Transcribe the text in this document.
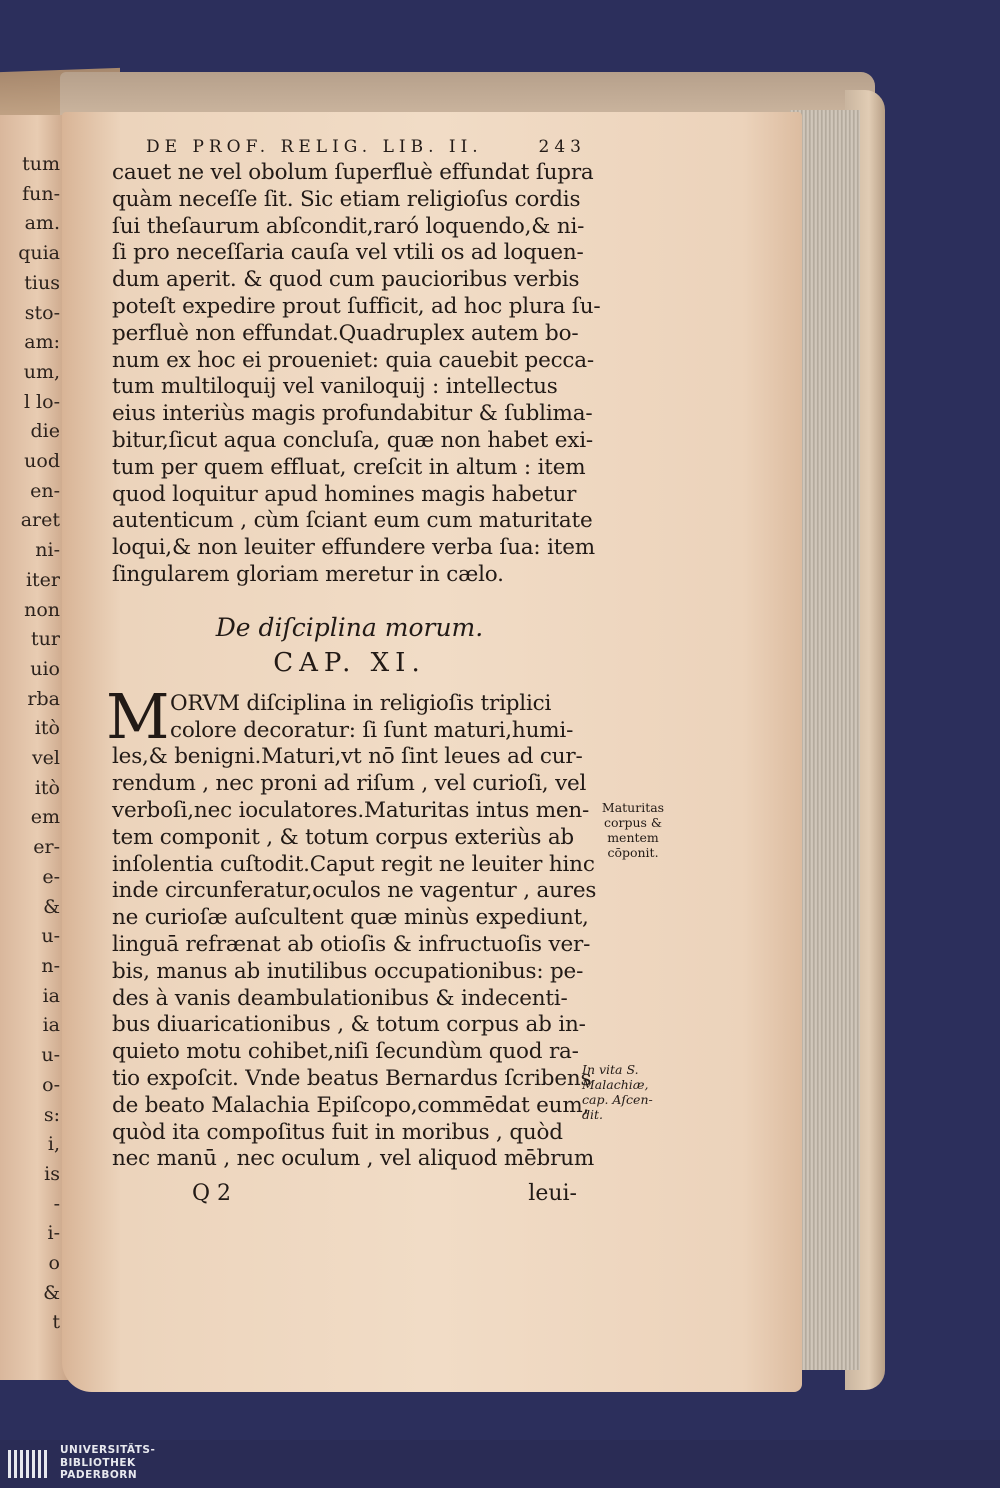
tum
fun-
am.
quia
tius
sto-
am:
um,
l lo-
die
uod
en-
aret
ni-
iter
non
tur
uio
rba
itò
vel
itò
em
er-
e-
&
u-
n-
ia
ia
u-
o-
s:
i,
is
-
i-
o
&
t
DE PROF. RELIG. LIB. II.	243
cauet ne vel obolum ſuperfluè effundat ſupra
quàm neceſſe ſit. Sic etiam religioſus cordis
ſui theſaurum abſcondit,raró loquendo,& ni-
ſi pro neceſſaria cauſa vel vtili os ad loquen-
dum aperit. & quod cum paucioribus verbis
poteſt expedire prout ſufficit, ad hoc plura ſu-
perfluè non effundat.Quadruplex autem bo-
num ex hoc ei proueniet: quia cauebit pecca-
tum multiloquij vel vaniloquij : intellectus
eius interiùs magis profundabitur & ſublima-
bitur,ſicut aqua concluſa, quæ non habet exi-
tum per quem effluat, creſcit in altum : item
quod loquitur apud homines magis habetur
autenticum , cùm ſciant eum cum maturitate
loqui,& non leuiter effundere verba ſua: item
ſingularem gloriam meretur in cælo.
De diſciplina morum.
CAP. XI.
M ORVM diſciplina in religioſis triplici
colore decoratur: ſi ſunt maturi,humi-
les,& benigni.Maturi,vt nō ſint leues ad cur-
rendum , nec proni ad riſum , vel curioſi, vel
verboſi,nec ioculatores.Maturitas intus men-
tem componit , & totum corpus exteriùs ab
inſolentia cuſtodit.Caput regit ne leuiter hinc
inde circunferatur,oculos ne vagentur , aures
ne curioſæ auſcultent quæ minùs expediunt,
linguā refrænat ab otioſis & infructuoſis ver-
bis, manus ab inutilibus occupationibus: pe-
des à vanis deambulationibus & indecenti-
bus diuaricationibus , & totum corpus ab in-
quieto motu cohibet,niſi ſecundùm quod ra-
tio expoſcit. Vnde beatus Bernardus ſcribens
de beato Malachia Epiſcopo,commēdat eum,
quòd ita compoſitus fuit in moribus , quòd
nec manū , nec oculum , vel aliquod mēbrum
Q 2	leui-
Maturitas
corpus &
mentem
cōponit.
In vita S.
Malachiæ,
cap. Aſcen-
dit.
UNIVERSITÄTS-
BIBLIOTHEK
PADERBORN
